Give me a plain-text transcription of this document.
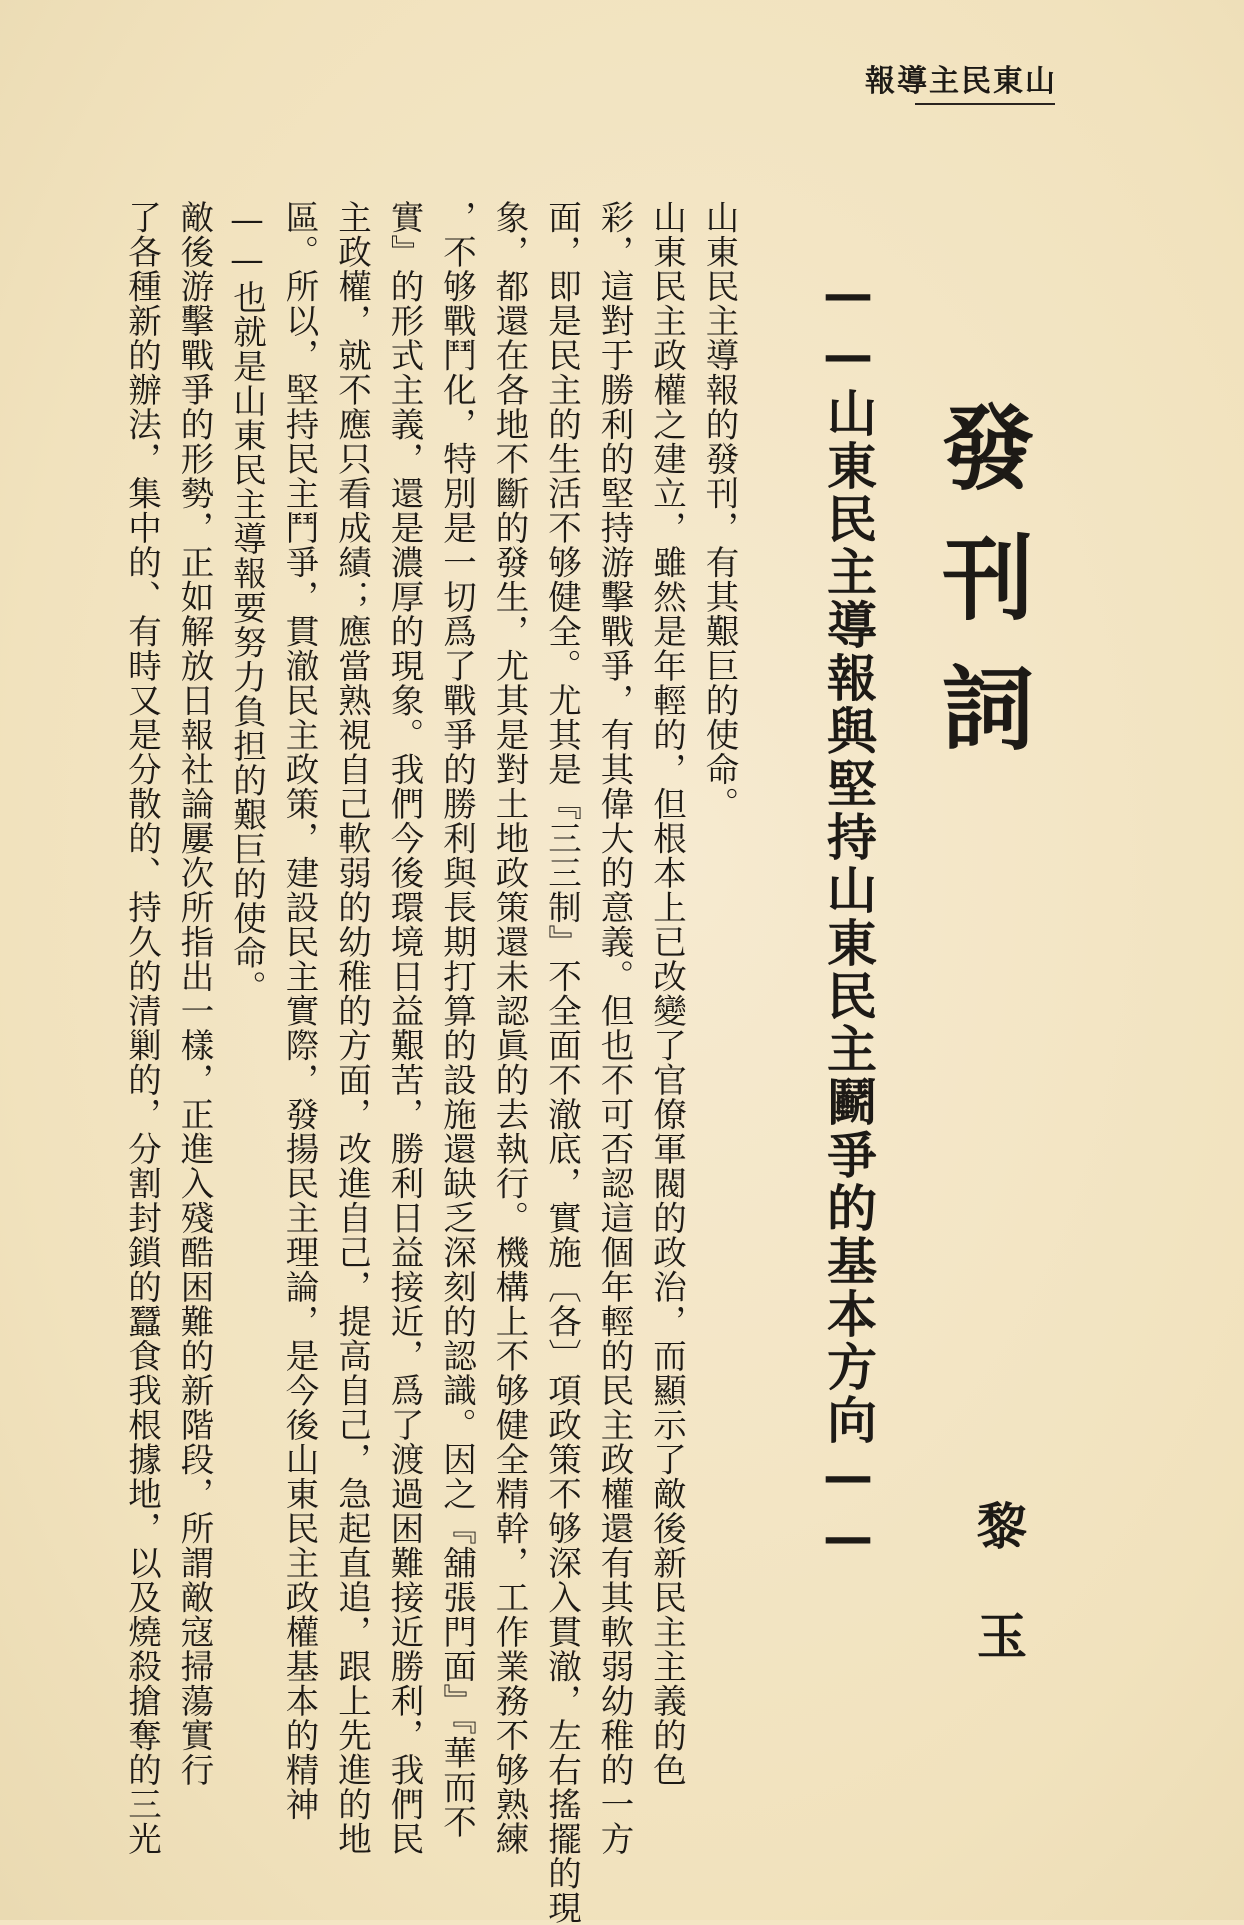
山東民主導報
發刊詞
——山東民主導報與堅持山東民主鬬爭的基本方向——
黎玉
山東民主導報的發刊，有其艱巨的使命。
山東民主政權之建立，雖然是年輕的，但根本上已改變了官僚軍閥的政治，而顯示了敵後新民主主義的色
彩，這對于勝利的堅持游擊戰爭，有其偉大的意義。但也不可否認這個年輕的民主政權還有其軟弱幼稚的一方
面，即是民主的生活不够健全。尤其是『三三制』不全面不澈底，實施〔各〕項政策不够深入貫澈，左右搖擺的現
象，都還在各地不斷的發生，尤其是對土地政策還未認眞的去執行。機構上不够健全精幹，工作業務不够熟練
，不够戰鬥化，特別是一切爲了戰爭的勝利與長期打算的設施還缺乏深刻的認識。因之『舖張門面』『華而不
實』的形式主義，還是濃厚的現象。我們今後環境日益艱苦，勝利日益接近，爲了渡過困難接近勝利，我們民
主政權，就不應只看成績；應當熟視自己軟弱的幼稚的方面，改進自己，提高自己，急起直追，跟上先進的地
區。所以，堅持民主鬥爭，貫澈民主政策，建設民主實際，發揚民主理論，是今後山東民主政權基本的精神
——也就是山東民主導報要努力負担的艱巨的使命。
敵後游擊戰爭的形勢，正如解放日報社論屢次所指出一樣，正進入殘酷困難的新階段，所謂敵寇掃蕩實行
了各種新的辦法，集中的、有時又是分散的、持久的清剿的，分割封鎖的蠶食我根據地，以及燒殺搶奪的三光
